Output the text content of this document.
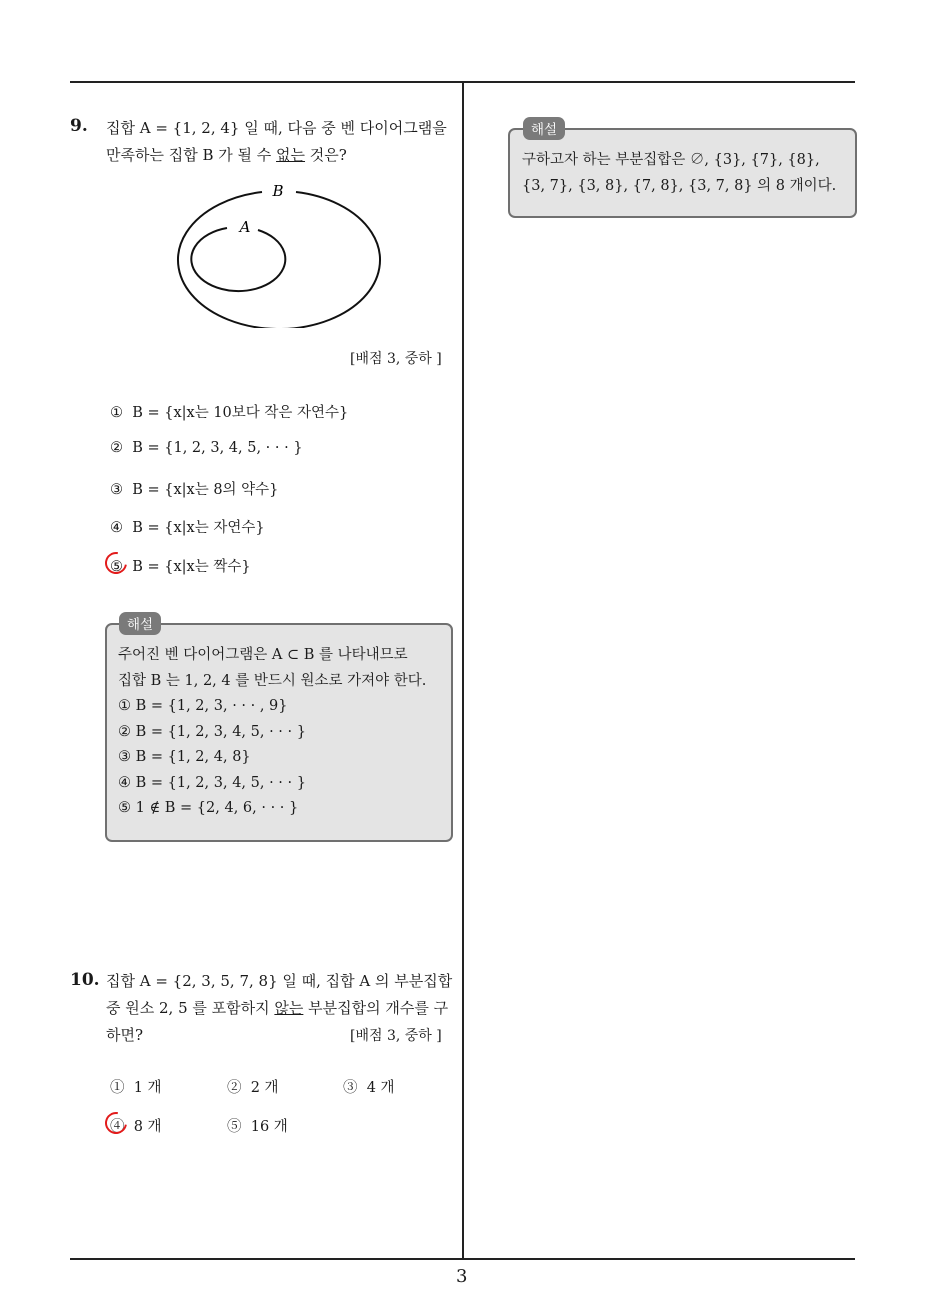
9. 집합 A = {1, 2, 4} 일 때, 다음 중 벤 다이어그램을

만족하는 집합 B 가 될 수 없는 것은?

B
A
[배점 3, 중하 ]
① B = {x|x는 10보다 작은 자연수}
② B = {1, 2, 3, 4, 5, · · · }
③ B = {x|x는 8의 약수}
④ B = {x|x는 자연수}
⑤ B = {x|x는 짝수}
해설

주어진 벤 다이어그램은 A ⊂ B 를 나타내므로

집합 B 는 1, 2, 4 를 반드시 원소로 가져야 한다.

① B = {1, 2, 3, · · · , 9}

② B = {1, 2, 3, 4, 5, · · · }

③ B = {1, 2, 4, 8}

④ B = {1, 2, 3, 4, 5, · · · }

⑤ 1 ∉ B = {2, 4, 6, · · · }

10. 집합 A = {2, 3, 5, 7, 8} 일 때, 집합 A 의 부분집합

중 원소 2, 5 를 포함하지 않는 부분집합의 개수를 구

하면?	[배점 3, 중하 ]
① 1 개	② 2 개	③ 4 개
④ 8 개	⑤ 16 개
해설

구하고자 하는 부분집합은 ∅, {3}, {7}, {8},

{3, 7}, {3, 8}, {7, 8}, {3, 7, 8} 의 8 개이다.

3
